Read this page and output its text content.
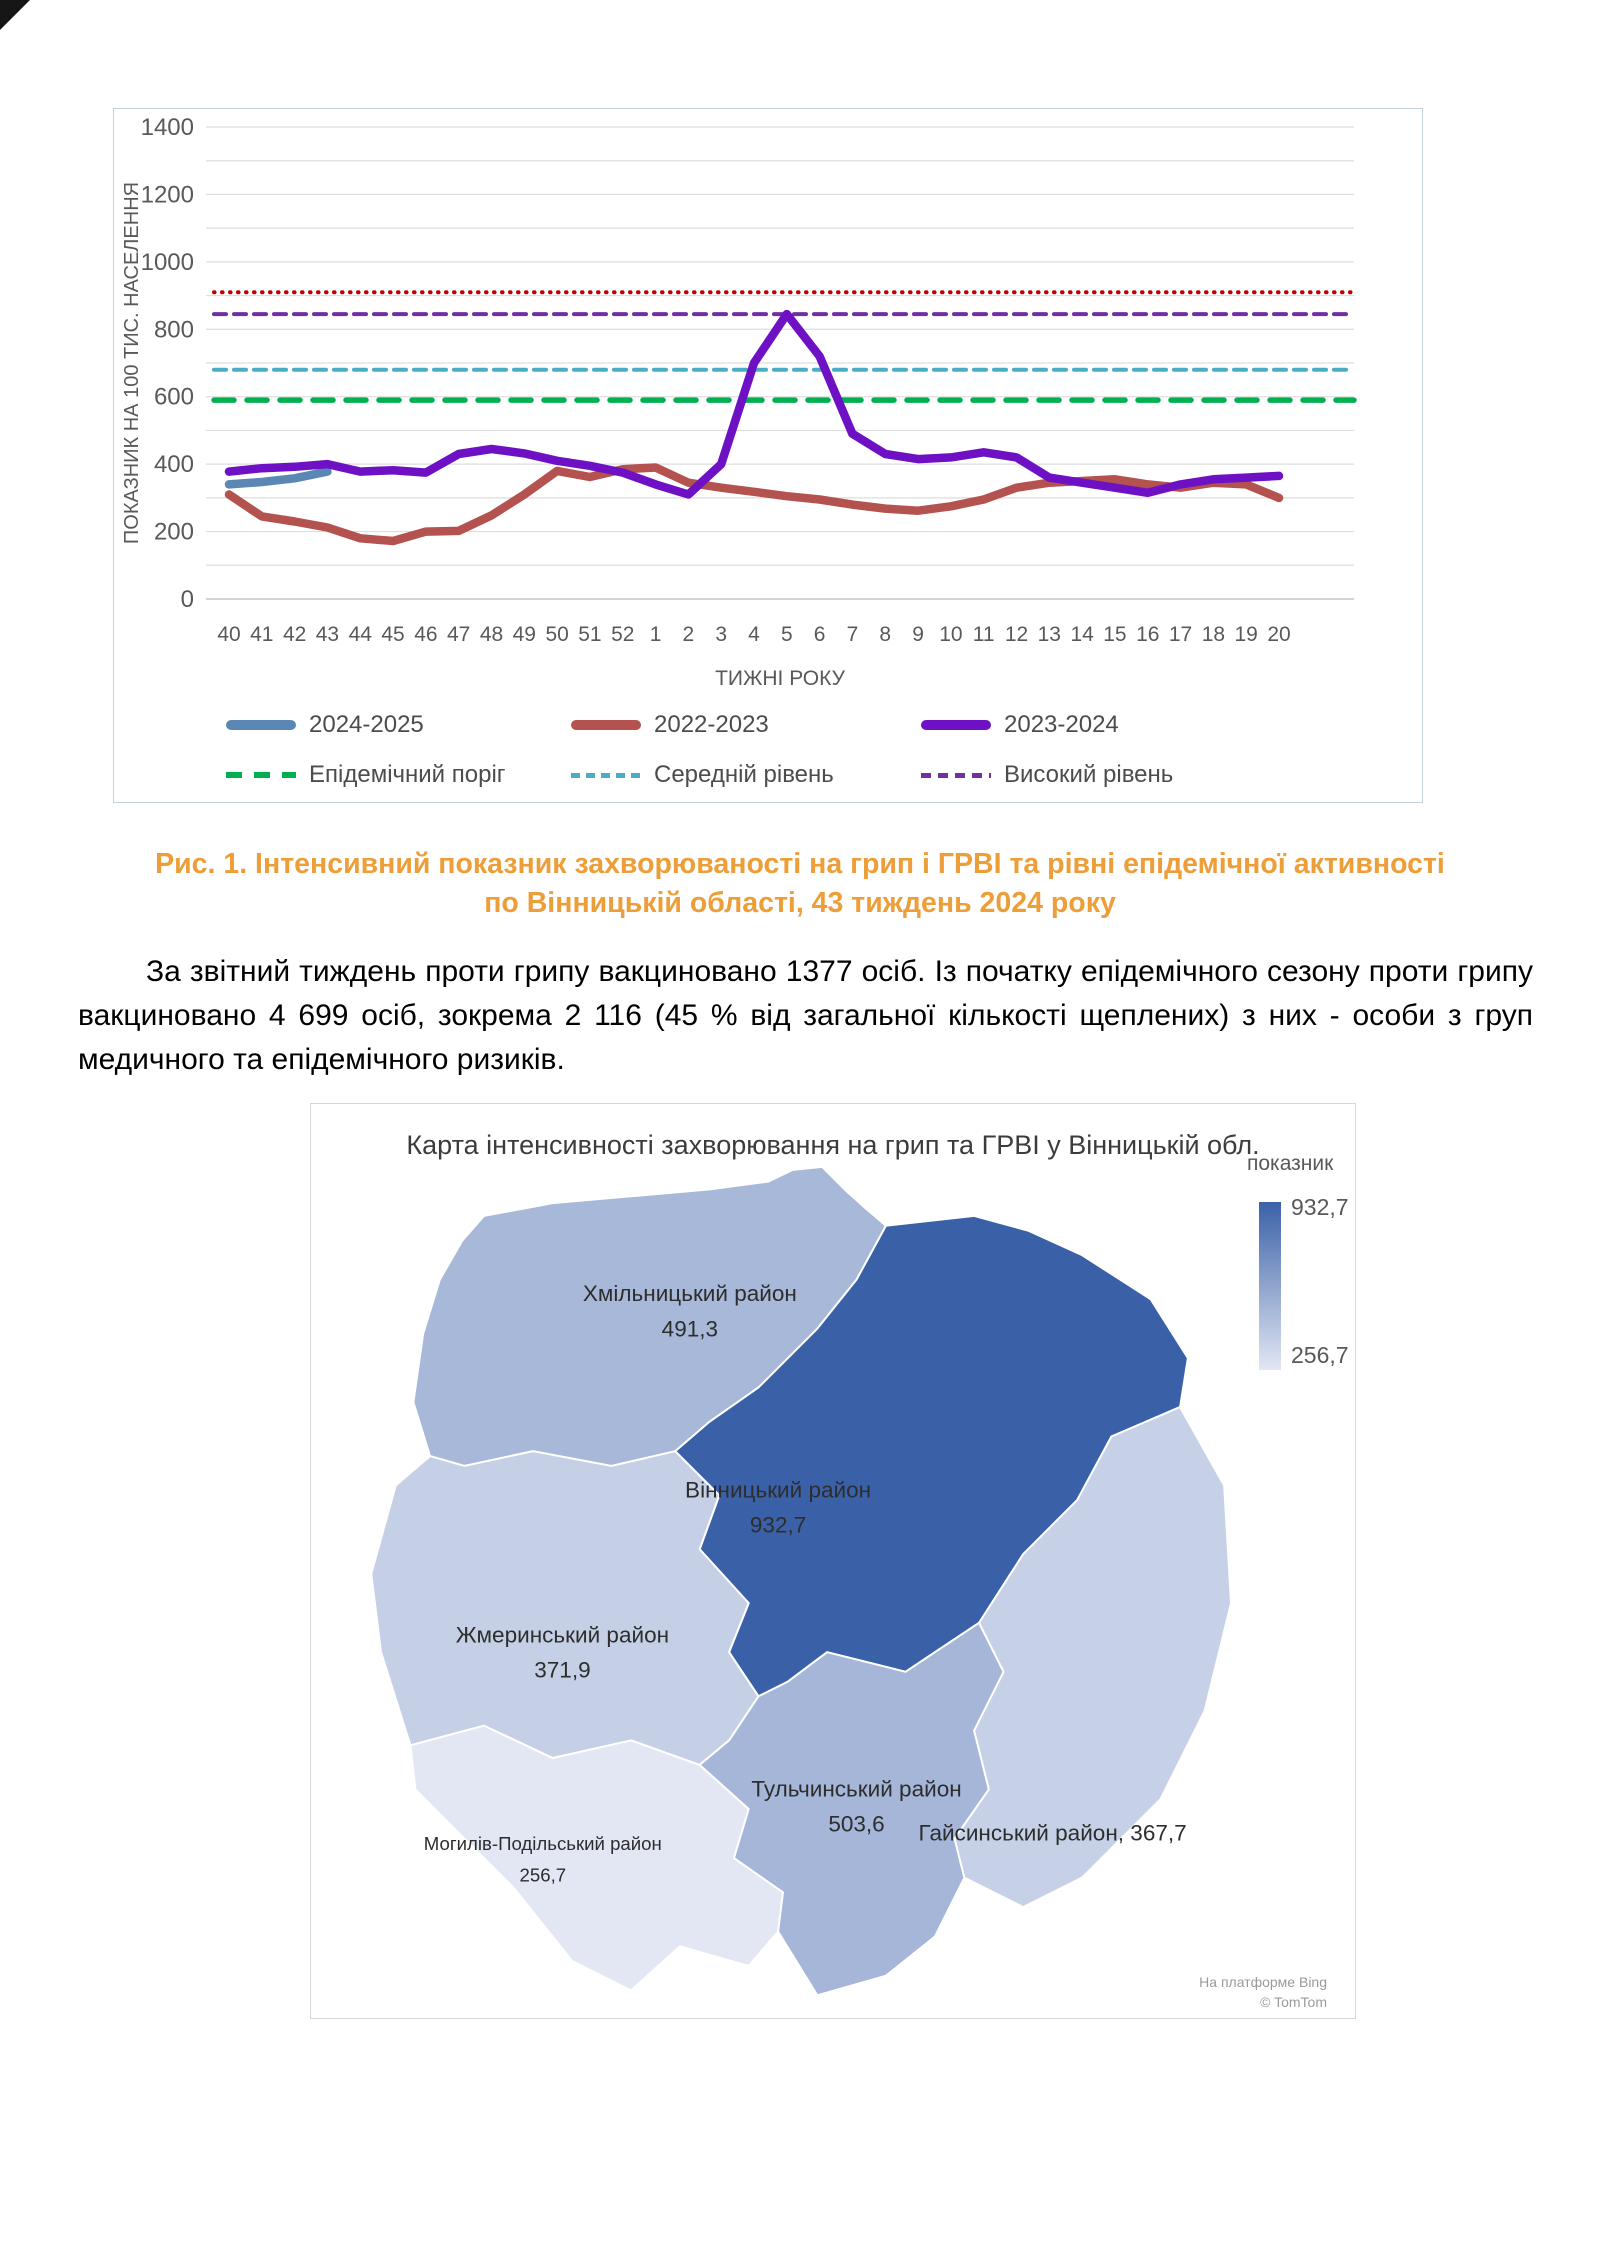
0
200
400
600
800
1000
1200
1400
40 41 42 43 44 45 46 47 48 49 50 51 52 1 2 3 4 5 6 7 8 9 10 11 12 13 14 15 16 17 18 19 20
ТИЖНІ РОКУ
ПОКАЗНИК НА 100 ТИС. НАСЕЛЕННЯ
2024-2025	2022-2023	2023-2024
Епідемічний поріг	Середній рівень	Високий рівень
Рис. 1. Інтенсивний показник захворюваності на грип і ГРВІ та рівні епідемічної активності по Вінницькій області, 43 тиждень 2024 року
За звітний тиждень проти грипу вакциновано 1377 осіб. Із початку епідемічного сезону проти грипу вакциновано 4 699 осіб, зокрема 2 116 (45 % від загальної кількості щеплених) з них - особи з груп медичного та епідемічного ризиків.
Карта інтенсивності захворювання на грип та ГРВІ у Вінницькій обл.
Хмільницький район
491,3
Вінницький район
932,7
Жмеринський район
371,9
Могилів-Подільський район
256,7
Тульчинський район
503,6 Гайсинський район, 367,7
показник
932,7
256,7
На платформе Bing
© TomTom
